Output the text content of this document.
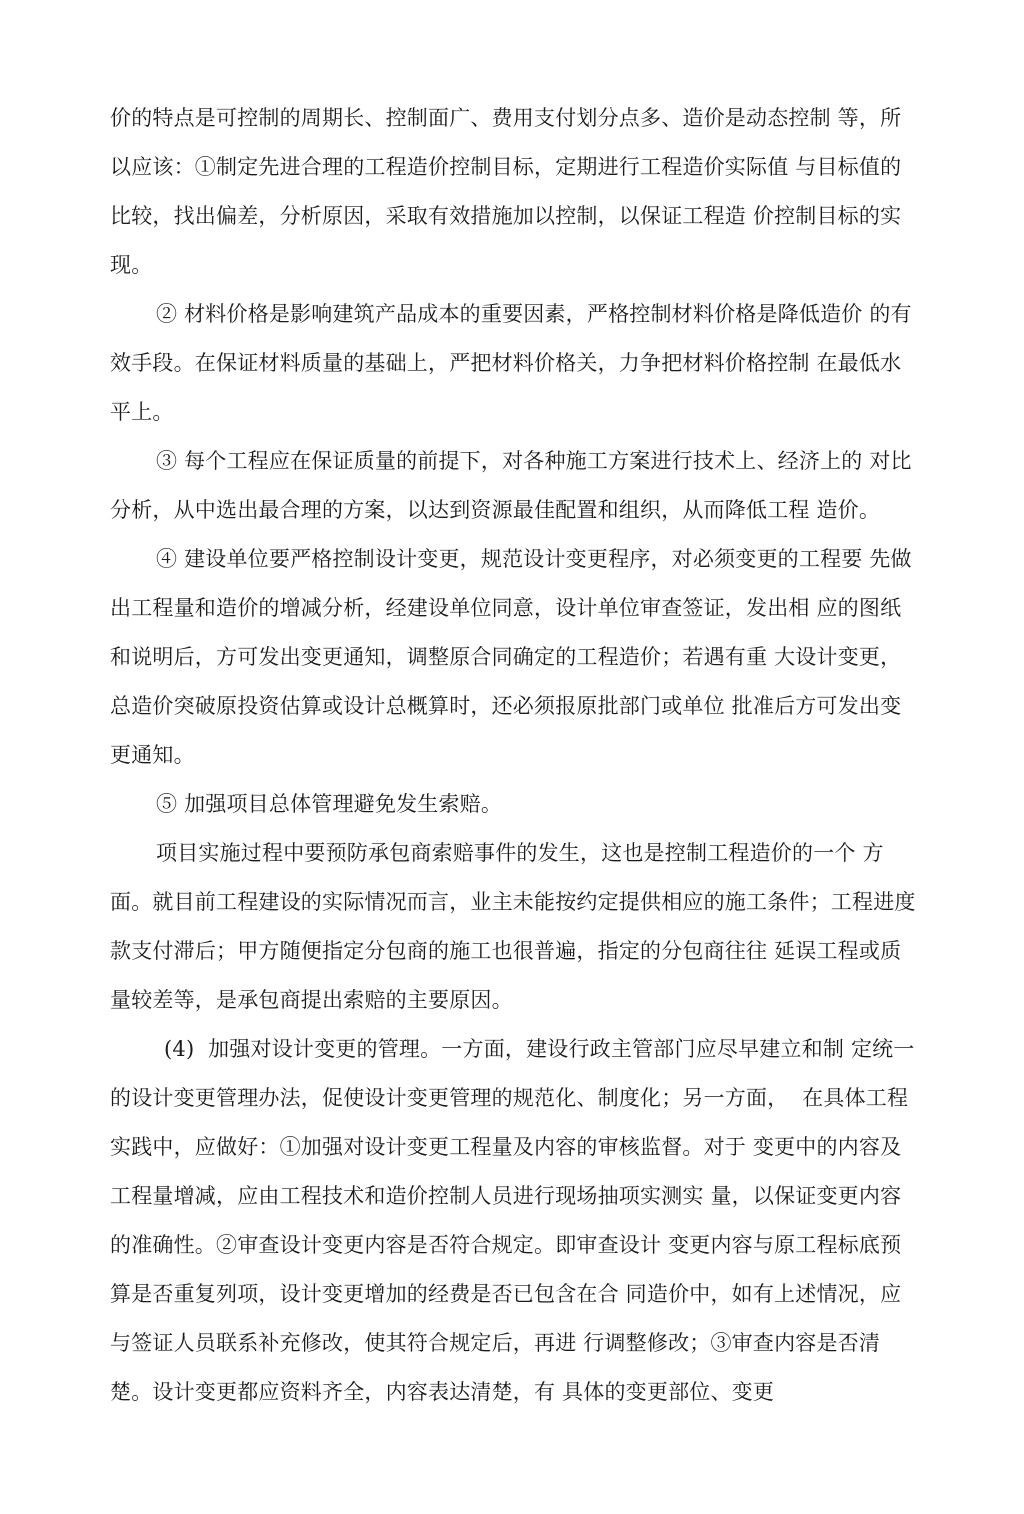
价的特点是可控制的周期长、控制面广、费用支付划分点多、造价是动态控制 等，所以应该：①制定先进合理的工程造价控制目标，定期进行工程造价实际值 与目标值的比较，找出偏差，分析原因，采取有效措施加以控制，以保证工程造 价控制目标的实现。

② 材料价格是影响建筑产品成本的重要因素，严格控制材料价格是降低造价 的有效手段。在保证材料质量的基础上，严把材料价格关，力争把材料价格控制 在最低水平上。

③ 每个工程应在保证质量的前提下，对各种施工方案进行技术上、经济上的 对比分析，从中选出最合理的方案，以达到资源最佳配置和组织，从而降低工程 造价。

④ 建设单位要严格控制设计变更，规范设计变更程序，对必须变更的工程要 先做出工程量和造价的增减分析，经建设单位同意，设计单位审查签证，发出相 应的图纸和说明后，方可发出变更通知，调整原合同确定的工程造价；若遇有重 大设计变更，总造价突破原投资估算或设计总概算时，还必须报原批部门或单位 批准后方可发出变更通知。

⑤ 加强项目总体管理避免发生索赔。

项目实施过程中要预防承包商索赔事件的发生，这也是控制工程造价的一个 方面。就目前工程建设的实际情况而言，业主未能按约定提供相应的施工条件；工程进度款支付滞后；甲方随便指定分包商的施工也很普遍，指定的分包商往往 延误工程或质量较差等，是承包商提出索赔的主要原因。

(4)  加强对设计变更的管理。一方面，建设行政主管部门应尽早建立和制 定统一的设计变更管理办法，促使设计变更管理的规范化、制度化；另一方面，  在具体工程实践中，应做好：①加强对设计变更工程量及内容的审核监督。对于 变更中的内容及工程量增减，应由工程技术和造价控制人员进行现场抽项实测实 量，以保证变更内容的准确性。②审查设计变更内容是否符合规定。即审查设计 变更内容与原工程标底预算是否重复列项，设计变更增加的经费是否已包含在合 同造价中，如有上述情况，应与签证人员联系补充修改，使其符合规定后，再进 行调整修改；③审查内容是否清楚。设计变更都应资料齐全，内容表达清楚，有 具体的变更部位、变更
